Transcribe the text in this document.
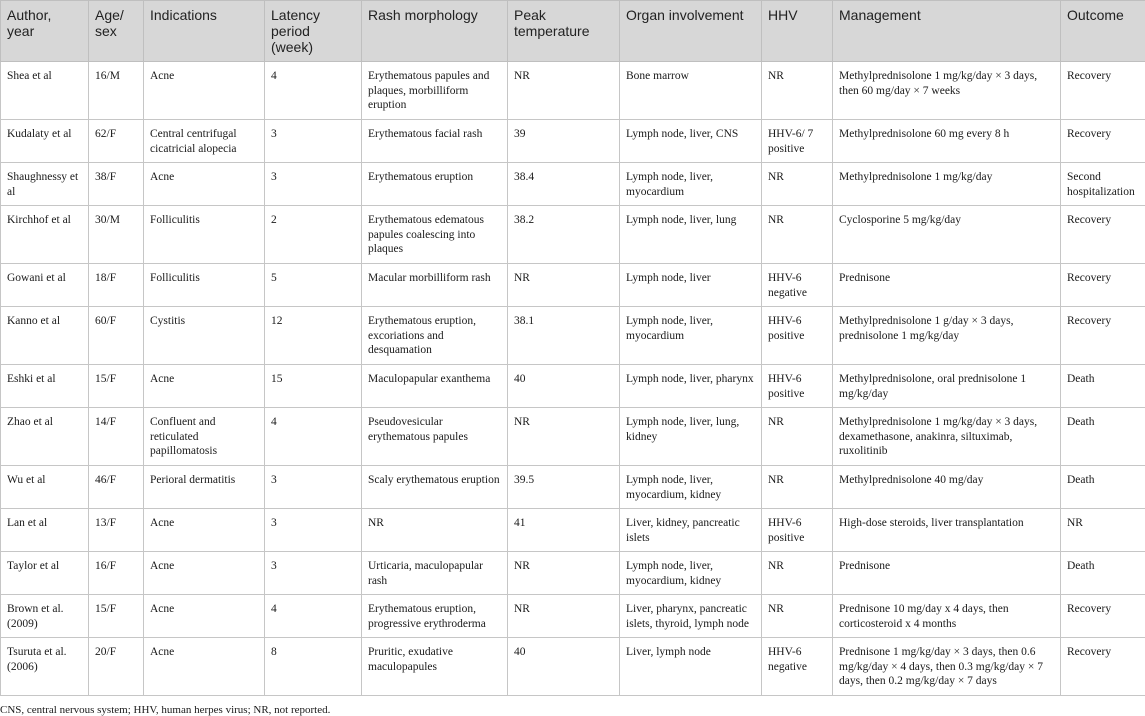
Author, year	Age/ sex	Indications	Latency period (week)	Rash morphology	Peak temperature	Organ involvement	HHV	Management	Outcome
Shea et al	16/M	Acne	4	Erythematous papules and plaques, morbilliform eruption	NR	Bone marrow	NR	Methylprednisolone 1 mg/kg/day × 3 days, then 60 mg/day × 7 weeks	Recovery
Kudalaty et al	62/F	Central centrifugal cicatricial alopecia	3	Erythematous facial rash	39	Lymph node, liver, CNS	HHV-6/ 7 positive	Methylprednisolone 60 mg every 8 h	Recovery
Shaughnessy et al	38/F	Acne	3	Erythematous eruption	38.4	Lymph node, liver, myocardium	NR	Methylprednisolone 1 mg/kg/day	Second hospitalization
Kirchhof et al	30/M	Folliculitis	2	Erythematous edematous papules coalescing into plaques	38.2	Lymph node, liver, lung	NR	Cyclosporine 5 mg/kg/day	Recovery
Gowani et al	18/F	Folliculitis	5	Macular morbilliform rash	NR	Lymph node, liver	HHV-6 negative	Prednisone	Recovery
Kanno et al	60/F	Cystitis	12	Erythematous eruption, excoriations and desquamation	38.1	Lymph node, liver, myocardium	HHV-6 positive	Methylprednisolone 1 g/day × 3 days, prednisolone 1 mg/kg/day	Recovery
Eshki et al	15/F	Acne	15	Maculopapular exanthema	40	Lymph node, liver, pharynx	HHV-6 positive	Methylprednisolone, oral prednisolone 1 mg/kg/day	Death
Zhao et al	14/F	Confluent and reticulated papillomatosis	4	Pseudovesicular erythematous papules	NR	Lymph node, liver, lung, kidney	NR	Methylprednisolone 1 mg/kg/day × 3 days, dexamethasone, anakinra, siltuximab, ruxolitinib	Death
Wu et al	46/F	Perioral dermatitis	3	Scaly erythematous eruption	39.5	Lymph node, liver, myocardium, kidney	NR	Methylprednisolone 40 mg/day	Death
Lan et al	13/F	Acne	3	NR	41	Liver, kidney, pancreatic islets	HHV-6 positive	High-dose steroids, liver transplantation	NR
Taylor et al	16/F	Acne	3	Urticaria, maculopapular rash	NR	Lymph node, liver, myocardium, kidney	NR	Prednisone	Death
Brown et al. (2009)	15/F	Acne	4	Erythematous eruption, progressive erythroderma	NR	Liver, pharynx, pancreatic islets, thyroid, lymph node	NR	Prednisone 10 mg/day x 4 days, then corticosteroid x 4 months	Recovery
Tsuruta et al. (2006)	20/F	Acne	8	Pruritic, exudative maculopapules	40	Liver, lymph node	HHV-6 negative	Prednisone 1 mg/kg/day × 3 days, then 0.6 mg/kg/day × 4 days, then 0.3 mg/kg/day × 7 days, then 0.2 mg/kg/day × 7 days	Recovery
CNS, central nervous system; HHV, human herpes virus; NR, not reported.
